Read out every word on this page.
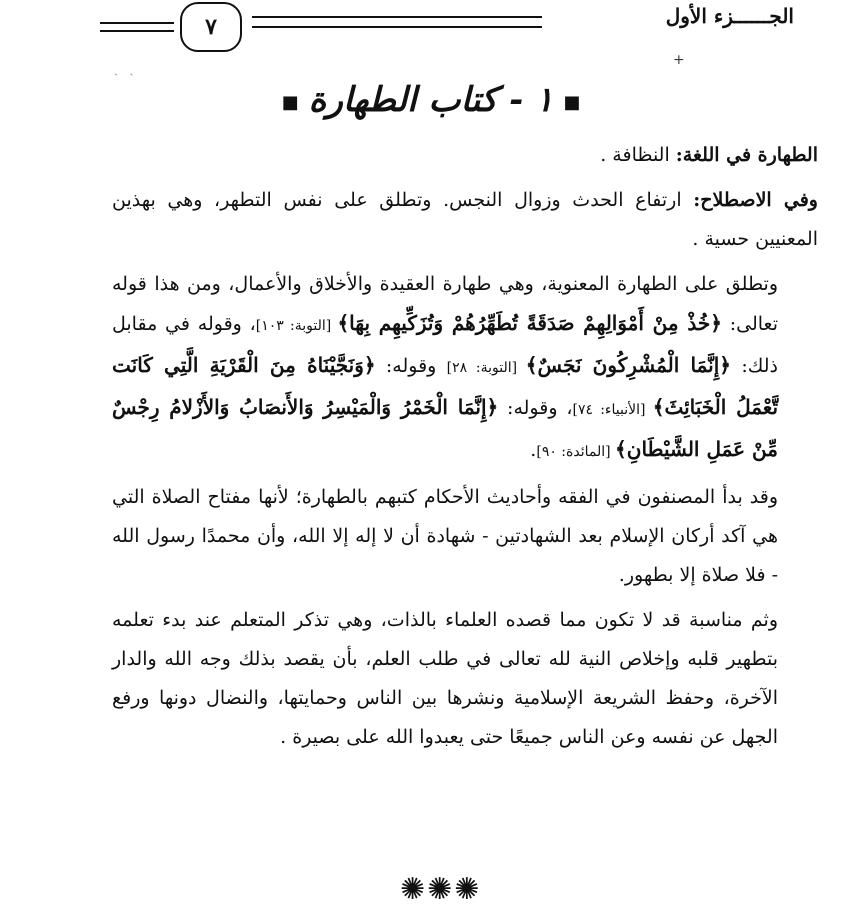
٧	الجــــــزء الأول
+
ˏ   ˎ
■١ - كتاب الطهارة■

الطهارة في اللغة: النظافة .

وفي الاصطلاح: ارتفاع الحدث وزوال النجس. وتطلق على نفس التطهر، وهي بهذين المعنيين حسية .

وتطلق على الطهارة المعنوية، وهي طهارة العقيدة والأخلاق والأعمال، ومن هذا قوله تعالى: ﴿خُذْ مِنْ أَمْوَالِهِمْ صَدَقَةً تُطَهِّرُهُمْ وَتُزَكِّيهِم بِهَا﴾ [التوبة: ١٠٣]، وقوله في مقابل ذلك: ﴿إِنَّمَا الْمُشْرِكُونَ نَجَسٌ﴾ [التوبة: ٢٨] وقوله: ﴿وَنَجَّيْنَاهُ مِنَ الْقَرْيَةِ الَّتِي كَانَت تَّعْمَلُ الْخَبَائِثَ﴾ [الأنبياء: ٧٤]، وقوله: ﴿إِنَّمَا الْخَمْرُ وَالْمَيْسِرُ وَالأَنصَابُ وَالأَزْلامُ رِجْسٌ مِّنْ عَمَلِ الشَّيْطَانِ﴾ [المائدة: ٩٠].

وقد بدأ المصنفون في الفقه وأحاديث الأحكام كتبهم بالطهارة؛ لأنها مفتاح الصلاة التي هي آكد أركان الإسلام بعد الشهادتين - شهادة أن لا إله إلا الله، وأن محمدًا رسول الله - فلا صلاة إلا بطهور.

وثم مناسبة قد لا تكون مما قصده العلماء بالذات، وهي تذكر المتعلم عند بدء تعلمه بتطهير قلبه وإخلاص النية لله تعالى في طلب العلم، بأن يقصد بذلك وجه الله والدار الآخرة، وحفظ الشريعة الإسلامية ونشرها بين الناس وحمايتها، والنضال دونها ورفع الجهل عن نفسه وعن الناس جميعًا حتى يعبدوا الله على بصيرة .

✺✺✺
